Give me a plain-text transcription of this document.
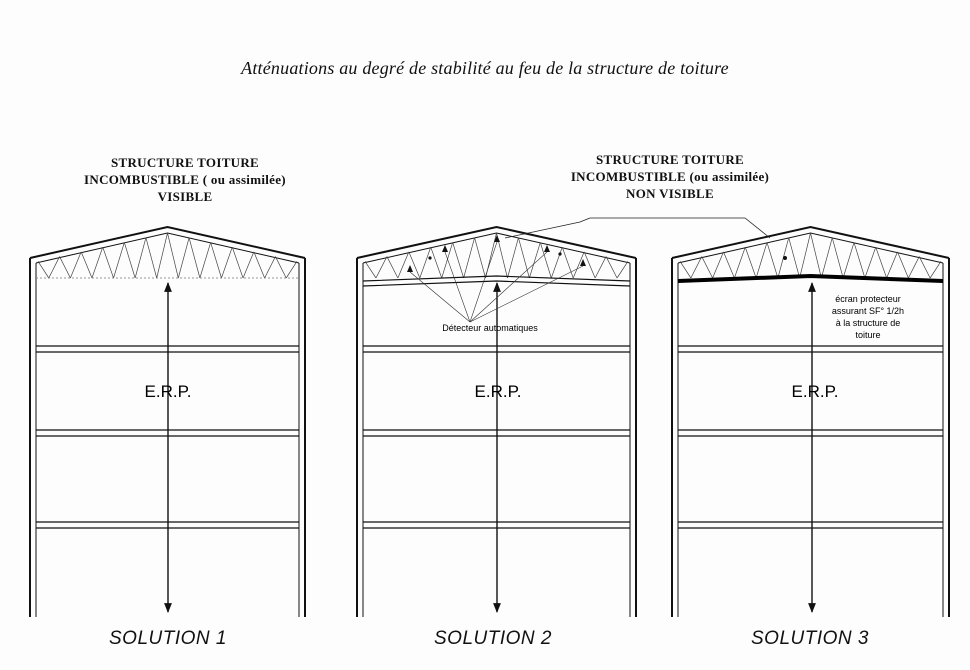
Atténuations au degré de stabilité au feu de la structure de toiture
STRUCTURE TOITURE
INCOMBUSTIBLE ( ou assimilée)
VISIBLE
STRUCTURE TOITURE
INCOMBUSTIBLE (ou assimilée)
NON VISIBLE
E.R.P.	E.R.P.	E.R.P.
Détecteur automatiques
écran protecteur
assurant SF° 1/2h
à la structure de
toiture
SOLUTION 1	SOLUTION 2	SOLUTION 3
